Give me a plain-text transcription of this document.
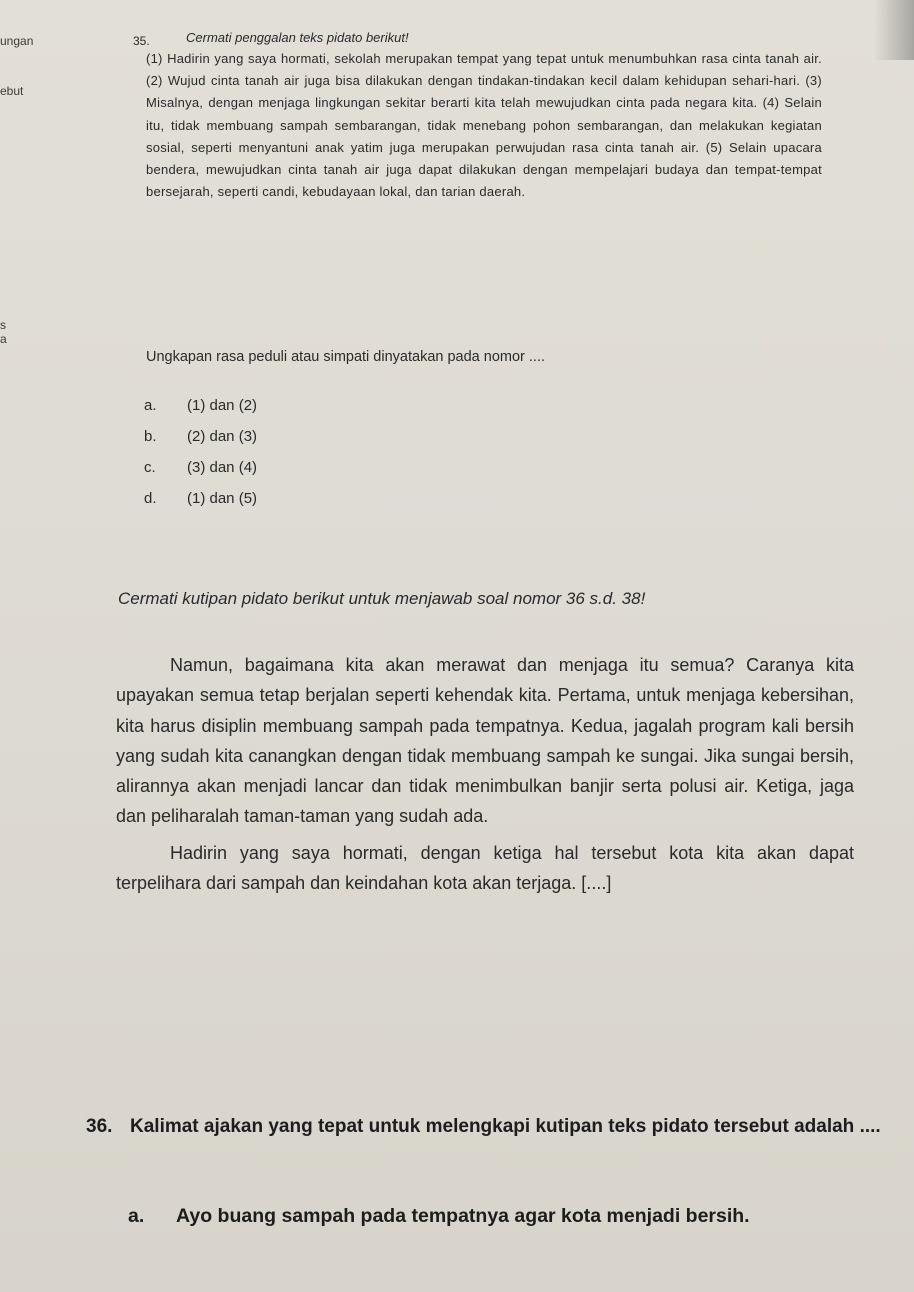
ungan
ebut
s
a
35.	Cermati penggalan teks pidato berikut!
(1) Hadirin yang saya hormati, sekolah merupakan tempat yang tepat untuk menumbuhkan rasa cinta tanah air. (2) Wujud cinta tanah air juga bisa dilakukan dengan tindakan-tindakan kecil dalam kehidupan sehari-hari. (3) Misalnya, dengan menjaga lingkungan sekitar berarti kita telah mewujudkan cinta pada negara kita. (4) Selain itu, tidak membuang sampah sembarangan, tidak menebang pohon sembarangan, dan melakukan kegiatan sosial, seperti menyantuni anak yatim juga merupakan perwujudan rasa cinta tanah air. (5) Selain upacara bendera, mewujudkan cinta tanah air juga dapat dilakukan dengan mempelajari budaya dan tempat-tempat bersejarah, seperti candi, kebudayaan lokal, dan tarian daerah.
Ungkapan rasa peduli atau simpati dinyatakan pada nomor ....
a.	(1) dan (2)
b.	(2) dan (3)
c.	(3) dan (4)
d.	(1) dan (5)
Cermati kutipan pidato berikut untuk menjawab soal nomor 36 s.d. 38!

Namun, bagaimana kita akan merawat dan menjaga itu semua? Caranya kita upayakan semua tetap berjalan seperti kehendak kita. Pertama, untuk menjaga kebersihan, kita harus disiplin membuang sampah pada tempatnya. Kedua, jagalah program kali bersih yang sudah kita canangkan dengan tidak membuang sampah ke sungai. Jika sungai bersih, alirannya akan menjadi lancar dan tidak menimbulkan banjir serta polusi air. Ketiga, jaga dan peliharalah taman-taman yang sudah ada.

Hadirin yang saya hormati, dengan ketiga hal tersebut kota kita akan dapat terpelihara dari sampah dan keindahan kota akan terjaga. [....]

36. Kalimat ajakan yang tepat untuk melengkapi kutipan teks pidato tersebut adalah ....
a. Ayo buang sampah pada tempatnya agar kota menjadi bersih.
